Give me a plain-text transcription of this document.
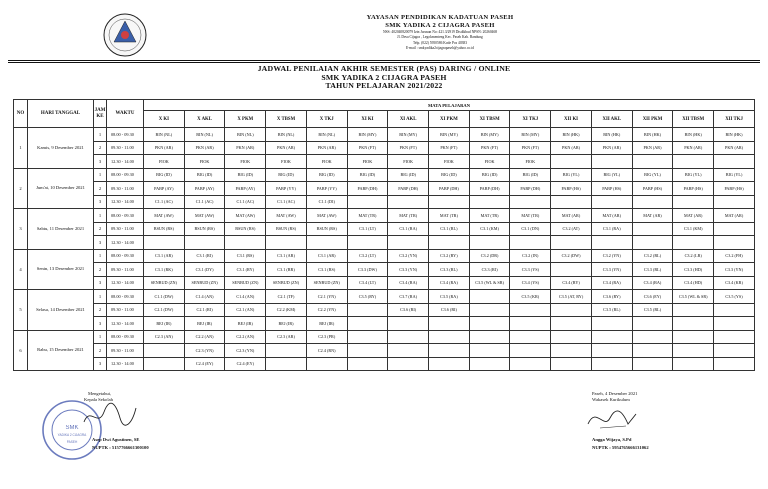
YAYASAN PENDIDIKAN KADATUAN PASEH
SMK YADIKA 2 CIJAGRA PASEH
NSS: 402040820079 Izin Jurusan No: 421.3/2919 Disdikbud NPSN: 20260468
Jl. Desa Cijagra , Legokmenteng Kec. Paseh Kab. Bandung
Telp. (022) 5950586 Kode Pos 40383
E-mail : smkyadika2cijagrapaseh@yahoo.co.id
JADWAL PENILAIAN AKHIR SEMESTER (PAS) DARING / ONLINE
SMK YADIKA 2 CIJAGRA PASEH
TAHUN PELAJARAN 2021/2022
NO	HARI TANGGAL	JAM KE	WAKTU	MATA PELAJARAN														
				X KI	X AKL	X PKM	X TBSM	X TKJ	XI KI	XI AKL	XI PKM	XI TBSM	XI TKJ	XII KI	XII AKL	XII PKM	XII TBSM	XII TKJ
1	Kamis, 9 Desember 2021	1	08.00 - 09.30	BIN (NL)	BIN (NL)	BIN (NL)	BIN (NL)	BIN (NL)	BIN (MY)	BIN (MY)	BIN (MY)	BIN (MY)	BIN (MY)	BIN (HK)	BIN (HK)	BIN (HK)	BIN (HK)	BIN (HK)
		2	09.30 - 11.00	PKN (AR)	PKN (AR)	PKN (AR)	PKN (AR)	PKN (AR)	PKN (FT)	PKN (FT)	PKN (FT)	PKN (FT)	PKN (FT)	PKN (AR)	PKN (AR)	PKN (AR)	PKN (AR)	PKN (AR)
		3	12.30 - 14.00	FIOK	FIOK	FIOK	FIOK	FIOK	FIOK	FIOK	FIOK	FIOK	FIOK					
2	Jum'at, 10 Desember 2021	1	08.00 - 09.30	BIG (ID)	BIG (ID)	BIG (ID)	BIG (ID)	BIG (ID)	BIG (ID)	BIG (ID)	BIG (ID)	BIG (ID)	BIG (ID)	BIG (YL)	BIG (YL)	BIG (YL)	BIG (YL)	BIG (YL)
		2	09.30 - 11.00	PABP (AY)	PABP (AY)	PABP (AY)	PABP (YY)	PABP (YY)	PABP (DH)	PABP (DH)	PABP (DH)	PABP (DH)	PABP (DH)	PABP (HS)	PABP (HS)	PABP (HS)	PABP (HS)	PABP (HS)
		3	12.30 - 14.00	C1.1 (AC)	C1.1 (AC)	C1.1 (AC)	C1.1 (AC)	C1.1 (DI)										
3	Sabtu, 11 Desember 2021	1	08.00 - 09.30	MAT (AW)	MAT (AW)	MAT (AW)	MAT (AW)	MAT (AW)	MAT (TR)	MAT (TR)	MAT (TR)	MAT (TR)	MAT (TR)	MAT (AR)	MAT (AR)	MAT (AR)	MAT (AR)	MAT (AR)
		2	09.30 - 11.00	BSUN (RS)	BSUN (RS)	BSUN (RS)	BSUN (RS)	BSUN (RS)	C3.1 (LT)	C3.1 (RA)	C3.1 (RL)	C3.1 (KM)	C3.1 (DN)	C3.2 (AT)	C3.1 (RA)		C3.1 (KM)	
		3	12.30 - 14.00															
4	Senin, 13 Desember 2021	1	08.00 - 09.30	C3.1 (AR)	C3.1 (RI)	C3.1 (RS)	C3.1 (AR)	C3.1 (AR)	C3.2 (LT)	C3.2 (YN)	C3.2 (RY)	C3.2 (DR)	C3.2 (IN)	C3.2 (DW)	C3.2 (YN)	C3.2 (RL)	C3.2 (LR)	C3.2 (FH)
		2	09.30 - 11.00	C3.1 (RK)	C3.1 (DY)	C3.1 (RY)	C3.1 (RR)	C3.1 (RS)	C3.3 (DW)	C3.3 (YN)	C3.3 (RL)	C3.3 (RI)	C3.3 (YS)		C3.3 (YN)	C3.3 (RL)	C3.3 (HD)	C3.3 (YN)
		3	12.30 - 14.00	SENBUD (ZN)	SENBUD (ZN)	SENBUD (ZN)	SENBUD (ZN)	SENBUD (ZN)	C3.4 (LT)	C3.4 (RA)	C3.4 (RA)	C3.5 (WL & SR)	C3.4 (YS)	C3.4 (RY)	C3.4 (RA)	C3.4 (RA)	C3.4 (HD)	C3.4 (KR)
5	Selasa, 14 Desember 2021	1	08.00 - 09.30	C1.1 (DW)	C1.4 (AN)	C1.4 (AN)	C2.1 (TF)	C2.1 (YN)	C3.5 (RY)	C3.7 (RA)	C3.5 (RA)		C3.5 (KR)	C3.5 (AT, RY)	C3.6 (RY)	C3.6 (EY)	C3.5 (WL & SR)	C3.5 (YS)
		2	09.30 - 11.00	C2.1 (DW)	C2.1 (RI)	C2.1 (AN)	C2.2 (KM)	C2.2 (YN)		C3.6 (RI)	C3.6 (RI)				C3.5 (RL)	C3.5 (RL)		
		3	12.30 - 14.00	BEJ (IR)	BEJ (IR)	BEJ (IR)	BEJ (IR)	BEJ (IR)										
6	Rabu, 15 Desember 2021	1	08.00 - 09.30	C2.3 (AN)	C2.2 (AN)	C2.2 (AN)	C2.3 (AR)	C2.3 (PR)										
		2	09.30 - 11.00		C2.3 (YN)	C2.3 (YN)		C2.4 (RN)										
		3	12.30 - 14.00		C2.4 (EY)	C2.4 (EY)												
Mengetahui,
Kepala Sekolah
SMK
YADIKA 2 CIJAGRA
PASEH	Asep Dwi Agustinen, SE
NUPTK : 5157766661300100
Paseh, 4 Desember 2021
Wakasek Kurikulum
Angga Wijaya, S.Pd
NUPTK : 5954765666131062
